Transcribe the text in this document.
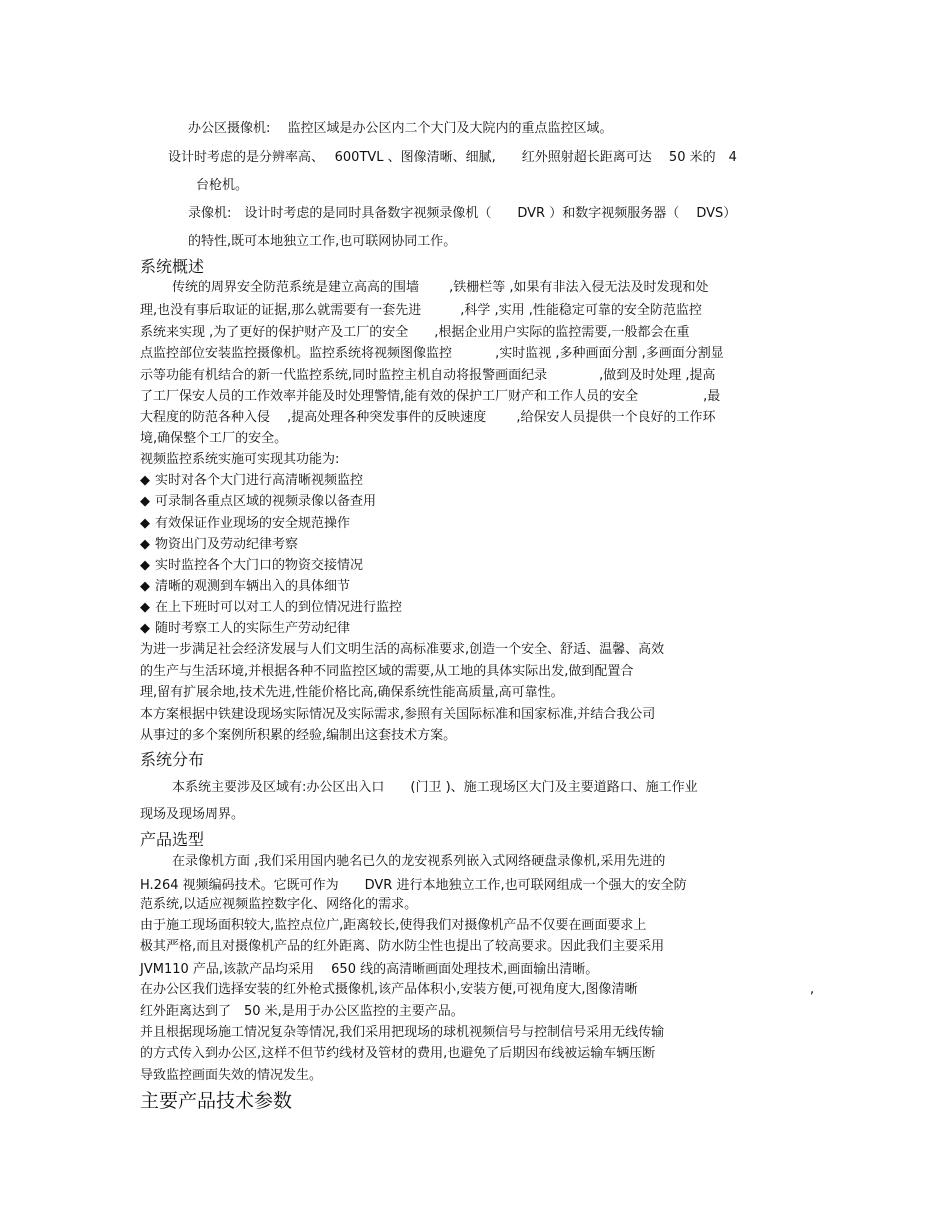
办公区摄像机:　 监控区域是办公区内二个大门及大院内的重点监控区域。
设计时考虑的是分辨率高、　 600TVL 、图像清晰、细腻,　　红外照射超长距离可达　 50 米的　4
台枪机。
录像机:　设计时考虑的是同时具备数字视频录像机（　　DVR ）和数字视频服务器（　 DVS）
的特性,既可本地独立工作,也可联网协同工作。
系统概述
传统的周界安全防范系统是建立高高的围墙　　 ,铁栅栏等 ,如果有非法入侵无法及时发现和处
理,也没有事后取证的证据,那么就需要有一套先进　　　,科学 ,实用 ,性能稳定可靠的安全防范监控
系统来实现 ,为了更好的保护财产及工厂的安全　　,根据企业用户实际的监控需要,一般都会在重
点监控部位安装监控摄像机。监控系统将视频图像监控　　　 ,实时监视 ,多种画面分割 ,多画面分割显
示等功能有机结合的新一代监控系统,同时监控主机自动将报警画面纪录　　　　,做到及时处理 ,提高
了工厂保安人员的工作效率并能及时处理警情,能有效的保护工厂财产和工作人员的安全　　　　　,最
大程度的防范各种入侵　 ,提高处理各种突发事件的反映速度　　 ,给保安人员提供一个良好的工作环
境,确保整个工厂的安全。
视频监控系统实施可实现其功能为:
◆ 实时对各个大门进行高清晰视频监控
◆ 可录制各重点区域的视频录像以备查用
◆ 有效保证作业现场的安全规范操作
◆ 物资出门及劳动纪律考察
◆ 实时监控各个大门口的物资交接情况
◆ 清晰的观测到车辆出入的具体细节
◆ 在上下班时可以对工人的到位情况进行监控
◆ 随时考察工人的实际生产劳动纪律
为进一步满足社会经济发展与人们文明生活的高标准要求,创造一个安全、舒适、温馨、高效
的生产与生活环境,并根据各种不同监控区域的需要,从工地的具体实际出发,做到配置合
理,留有扩展余地,技术先进,性能价格比高,确保系统性能高质量,高可靠性。
本方案根据中铁建设现场实际情况及实际需求,参照有关国际标准和国家标准,并结合我公司
从事过的多个案例所积累的经验,编制出这套技术方案。
系统分布
本系统主要涉及区域有:办公区出入口　　(门卫 )、施工现场区大门及主要道路口、施工作业
现场及现场周界。
产品选型
在录像机方面 ,我们采用国内驰名已久的龙安视系列嵌入式网络硬盘录像机,采用先进的
H.264 视频编码技术。它既可作为　　DVR 进行本地独立工作,也可联网组成一个强大的安全防
范系统,以适应视频监控数字化、网络化的需求。
由于施工现场面积较大,监控点位广,距离较长,使得我们对摄像机产品不仅要在画面要求上
极其严格,而且对摄像机产品的红外距离、防水防尘性也提出了较高要求。因此我们主要采用
JVM110 产品,该款产品均采用　 650 线的高清晰画面处理技术,画面输出清晰。
在办公区我们选择安装的红外枪式摄像机,该产品体积小,安装方便,可视角度大,图像清晰	,
红外距离达到了　50 米,是用于办公区监控的主要产品。
并且根据现场施工情况复杂等情况,我们采用把现场的球机视频信号与控制信号采用无线传输
的方式传入到办公区,这样不但节约线材及管材的费用,也避免了后期因布线被运输车辆压断
导致监控画面失效的情况发生。
主要产品技术参数
